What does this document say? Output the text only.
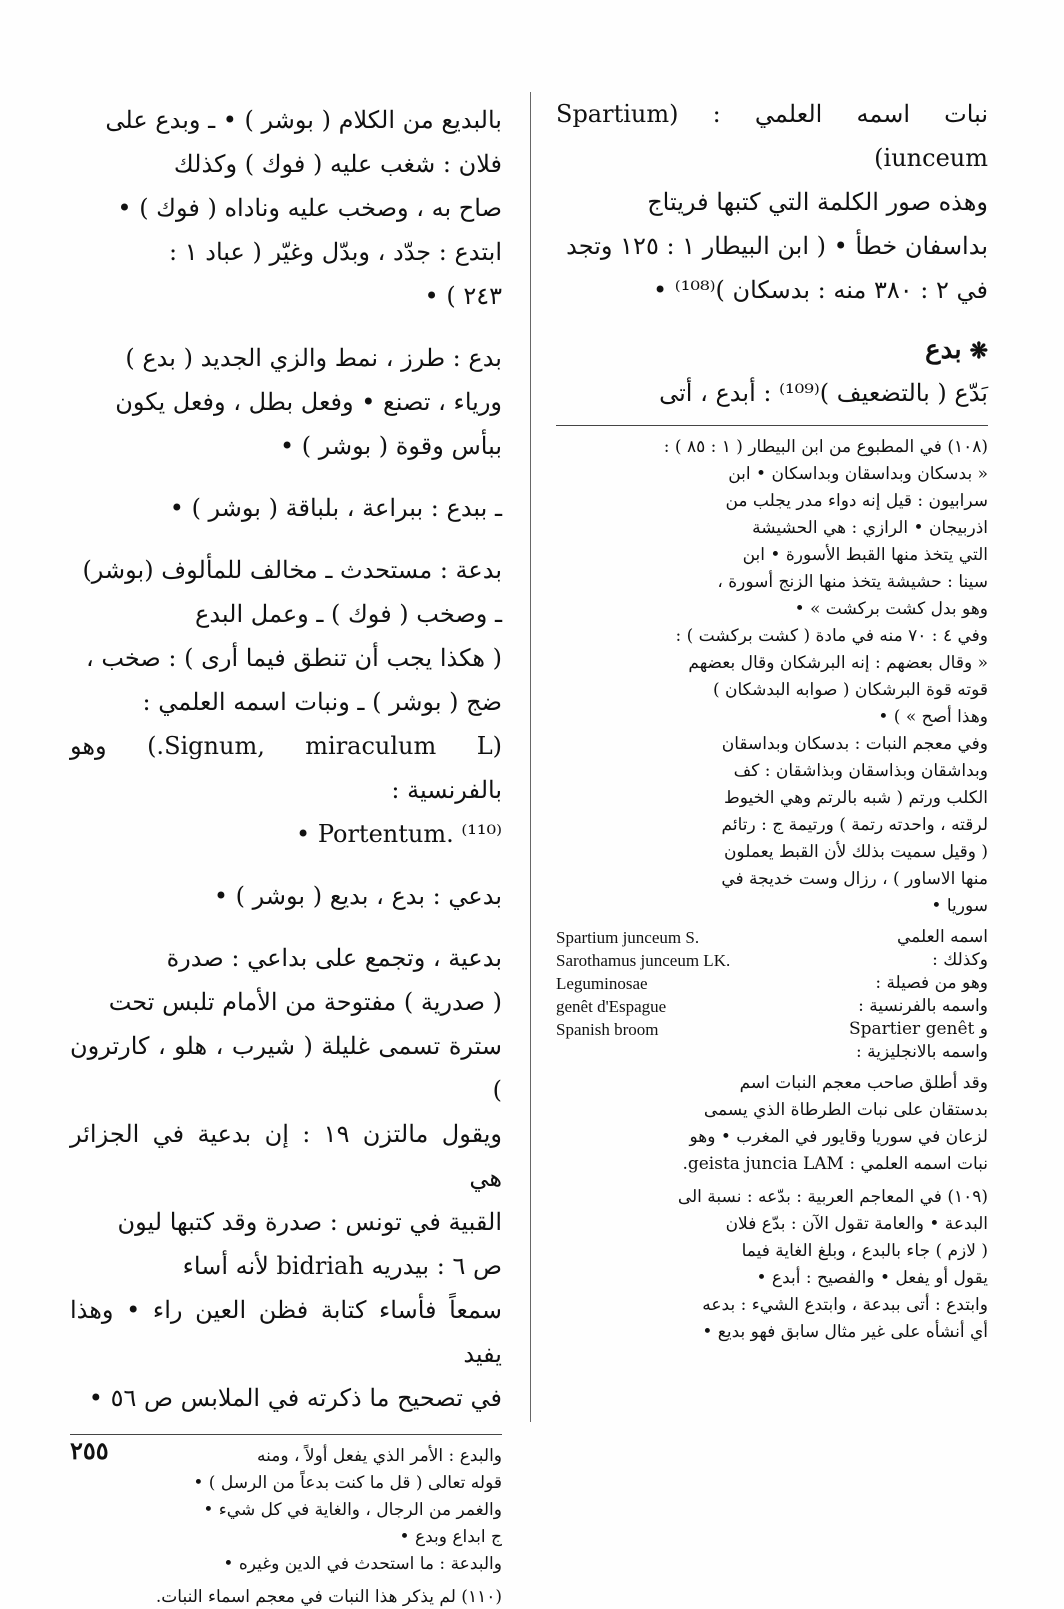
نبات اسمه العلمي : (Spartium iunceum)

وهذه صور الكلمة التي كتبها فريتاج

بداسفان خطأ • ( ابن البيطار ١ : ١٢٥ وتجد

في ٢ : ٣٨٠ منه : بدسكان )⁽¹⁰⁸⁾ •

❋بدع
بَدّع ( بالتضعيف )⁽¹⁰⁹⁾ : أبدع ، أتى

(١٠٨) في المطبوع من ابن البيطار ( ١ : ٨٥ ) :

« بدسكان وبداسقان وبداسكان • ابن

سرابيون : قيل إنه دواء مدر يجلب من

اذربيجان • الرازي : هي الحشيشة

التي يتخذ منها القبط الأسورة • ابن

سينا : حشيشة يتخذ منها الزنج أسورة ،

وهو بدل كشت بركشت » •

وفي ٤ : ٧٠ منه في مادة ( كشت بركشت ) :

« وقال بعضهم : إنه البرشكان وقال بعضهم

قوته قوة البرشكان ( صوابه البدشكان )

وهذا أصح » ) •

وفي معجم النبات : بدسكان وبداسقان

وبداشقان وبذاسقان وبذاشقان : كف

الكلب ورتم ( شبه بالرتم وهي الخيوط

لرقته ، واحدته رتمة ) ورتيمة ج : رتائم

( وقيل سميت بذلك لأن القبط يعملون

منها الاساور ) ، رزال وست خديجة في

سوريا •

اسمه العلمي
Spartium junceum S.
وكذلك :
Sarothamus junceum LK.
وهو من فصيلة :
Leguminosae
واسمه بالفرنسية :
genêt d'Espague
و Spartier genêt واسمه بالانجليزية :
Spanish broom

وقد أطلق صاحب معجم النبات اسم

بدستقان على نبات الطرطاة الذي يسمى

لزعان في سوريا وقايور في المغرب • وهو

نبات اسمه العلمي : geista juncia LAM.

(١٠٩) في المعاجم العربية : بدّعه : نسبة الى

البدعة • والعامة تقول الآن : بدّع فلان

( لازم ) جاء بالبدع ، وبلغ الغاية فيما

يقول أو يفعل • والفصيح : أبدع •

وابتدع : أتى ببدعة ، وابتدع الشيء : بدعه

أي أنشأه على غير مثال سابق فهو بديع •

بالبديع من الكلام ( بوشر ) • ـ وبدع على

فلان : شغب عليه ( فوك ) وكذلك

صاح به ، وصخب عليه وناداه ( فوك ) •

ابتدع : جدّد ، وبدّل وغيّر ( عباد ١ :

٢٤٣ ) •

بدع : طرز ، نمط والزي الجديد ( بدع )

ورياء ، تصنع • وفعل بطل ، وفعل يكون

ببأس وقوة ( بوشر ) •

ـ ببدع : ببراعة ، بلباقة ( بوشر ) •

بدعة : مستحدث ـ مخالف للمألوف (بوشر)

ـ وصخب ( فوك ) ـ وعمل البدع

( هكذا يجب أن تنطق فيما أرى ) : صخب ،

ضج ( بوشر ) ـ ونبات اسمه العلمي :

(Signum, miraculum L.) وهو بالفرنسية :

Portentum. ⁽¹¹⁰⁾ •

بدعي : بدع ، بديع ( بوشر ) •

بدعية ، وتجمع على بداعي : صدرة

( صدرية ) مفتوحة من الأمام تلبس تحت

سترة تسمى غليلة ( شيرب ، هلو ، كارترون )

ويقول مالتزن ١٩ : إن بدعية في الجزائر هي

القبية في تونس : صدرة وقد كتبها ليون

ص ٦ : بيدريه bidriah لأنه أساء

سمعاً فأساء كتابة فظن العين راء • وهذا يفيد

في تصحيح ما ذكرته في الملابس ص ٥٦ •

والبدع : الأمر الذي يفعل أولاً ، ومنه

قوله تعالى ( قل ما كنت بدعاً من الرسل ) •

والغمر من الرجال ، والغاية في كل شيء •

ج ابداع وبدع •

والبدعة : ما استحدث في الدين وغيره •

(١١٠) لم يذكر هذا النبات في معجم اسماء النبات.
٢٥٥
